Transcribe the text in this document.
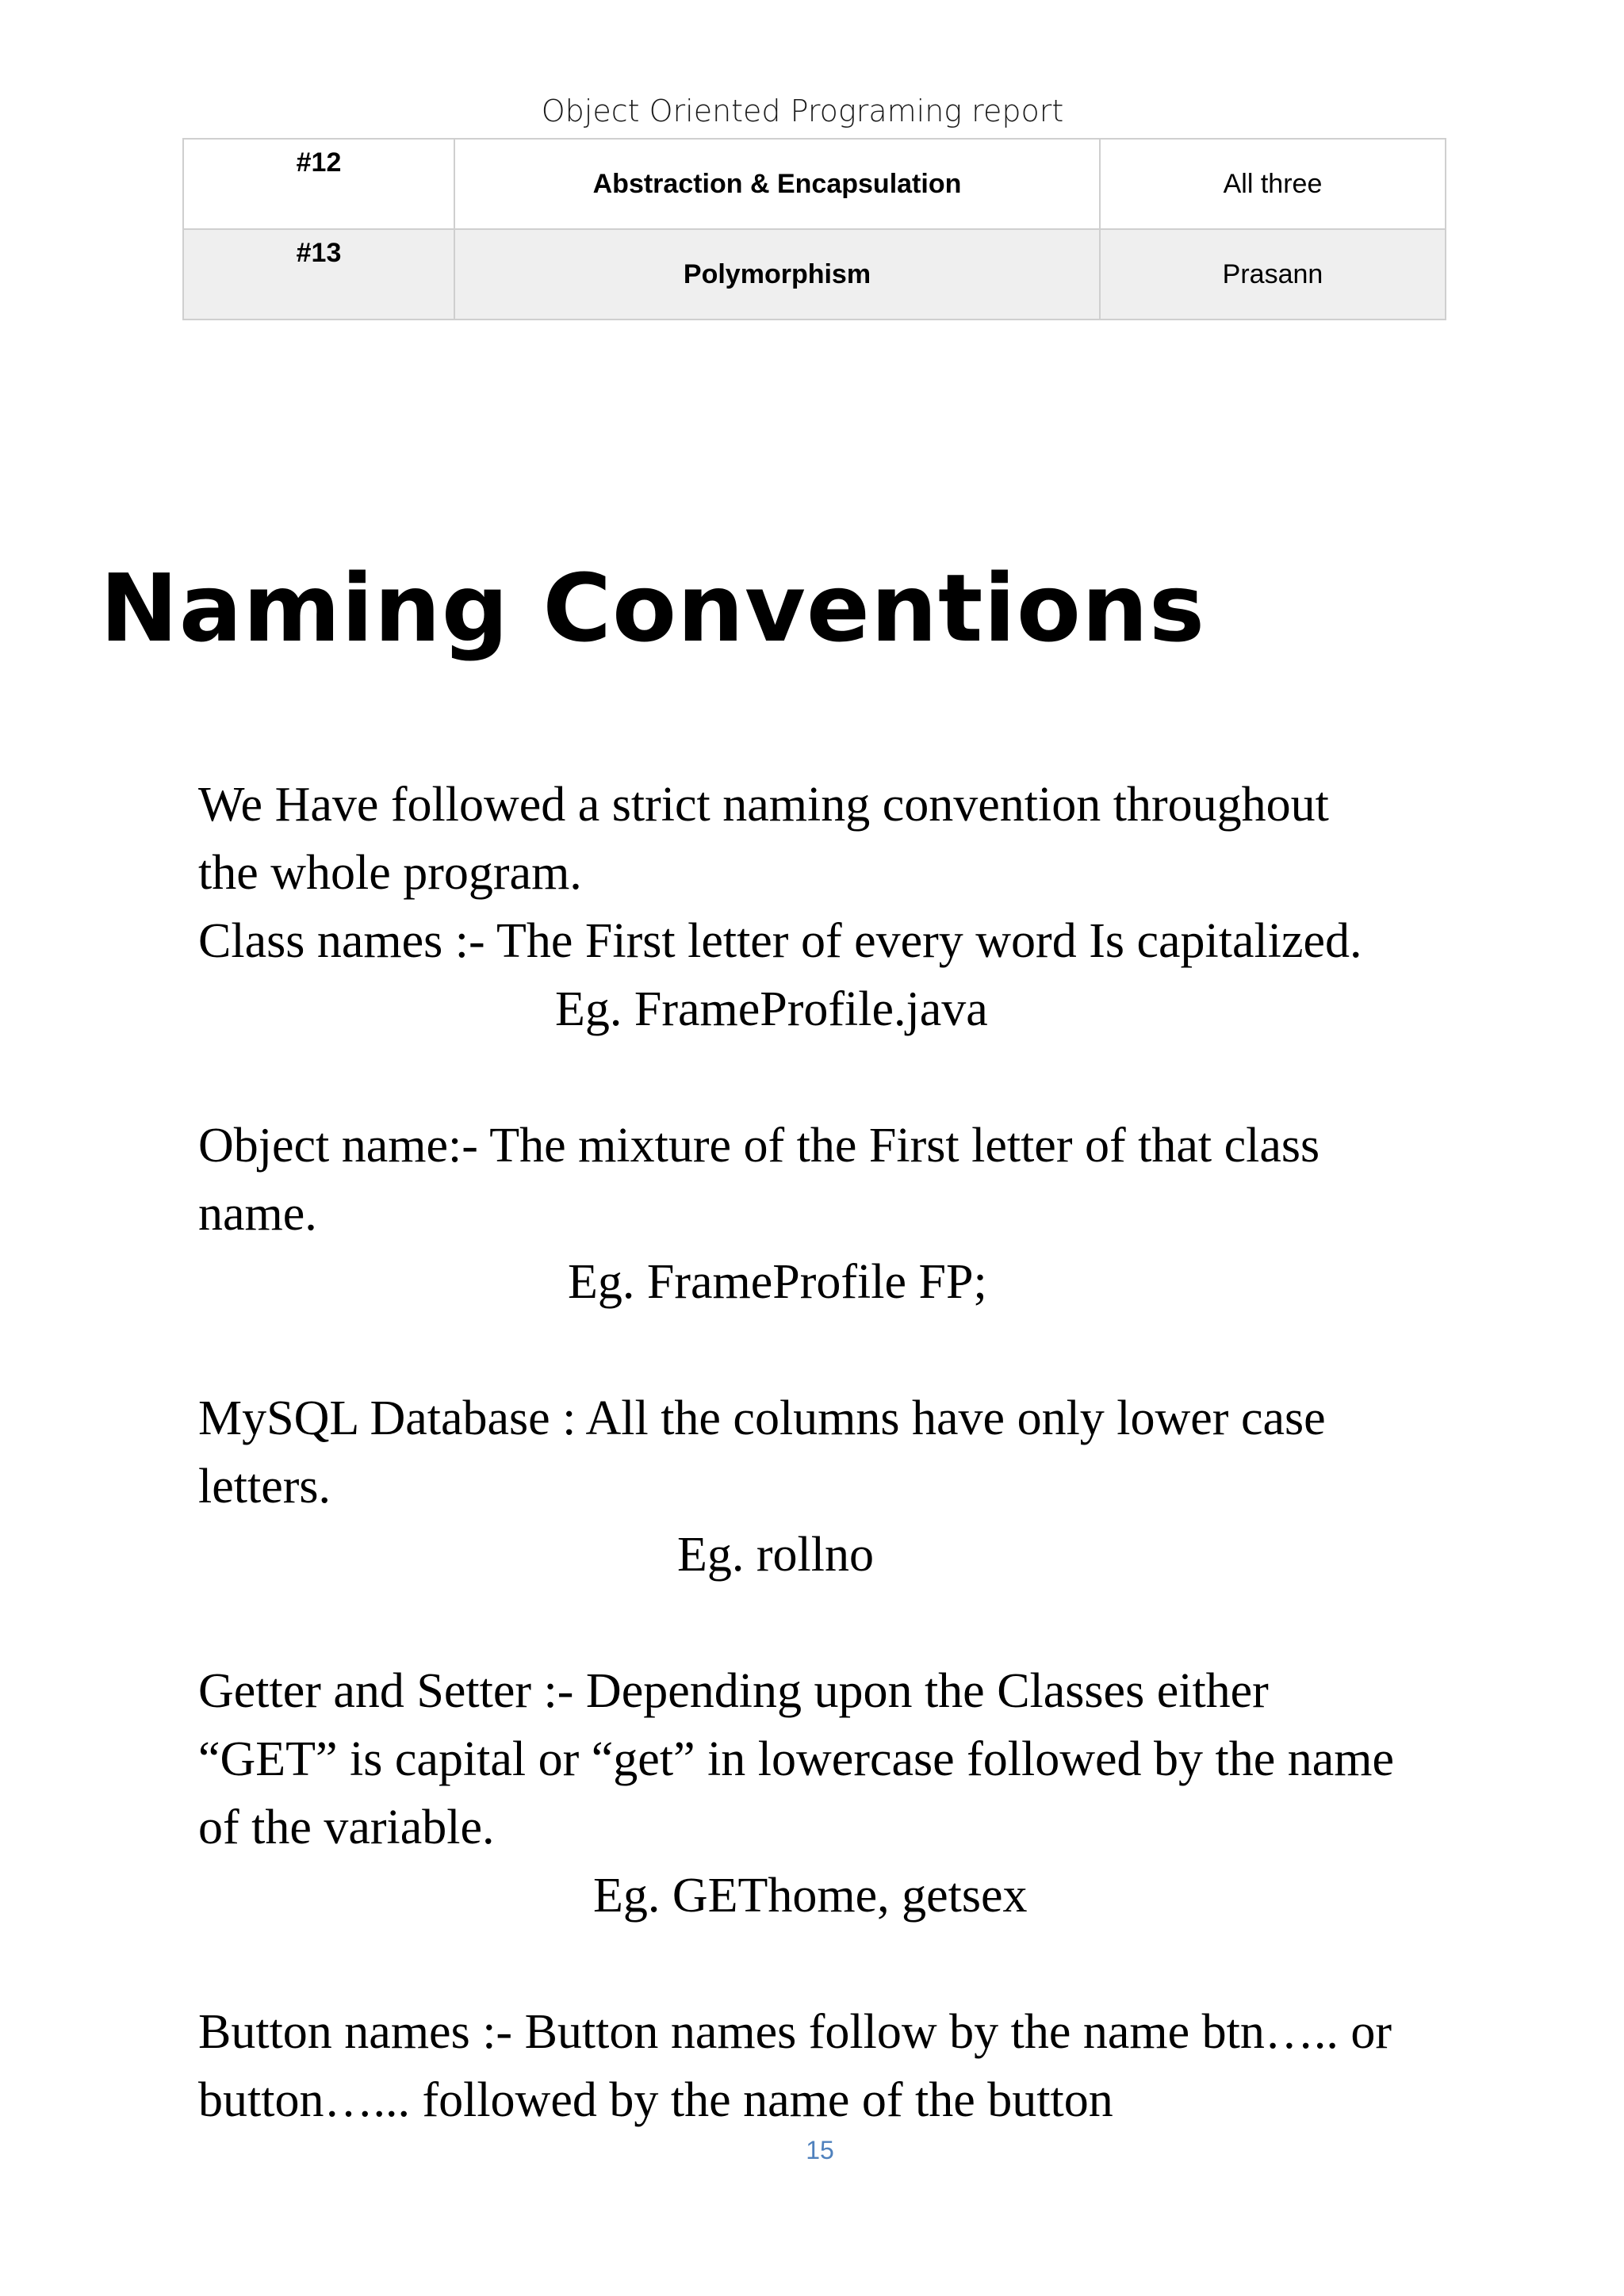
Object Oriented Programing report
#12	Abstraction & Encapsulation	All three
#13	Polymorphism	Prasann
Naming Conventions

We Have followed a strict naming convention throughout

the whole program.

Class names :- The First letter of every word Is capitalized.

Eg. FrameProfile.java

Object name:- The mixture of the First letter of that class

name.

Eg. FrameProfile FP;

MySQL Database : All the columns have only lower case

letters.

Eg. rollno

Getter and Setter :- Depending upon the Classes either

“GET” is capital or “get” in lowercase followed by the name

of the variable.

Eg. GEThome, getsex

Button names :- Button names follow by the name btn….. or

button…... followed by the name of the button

15
